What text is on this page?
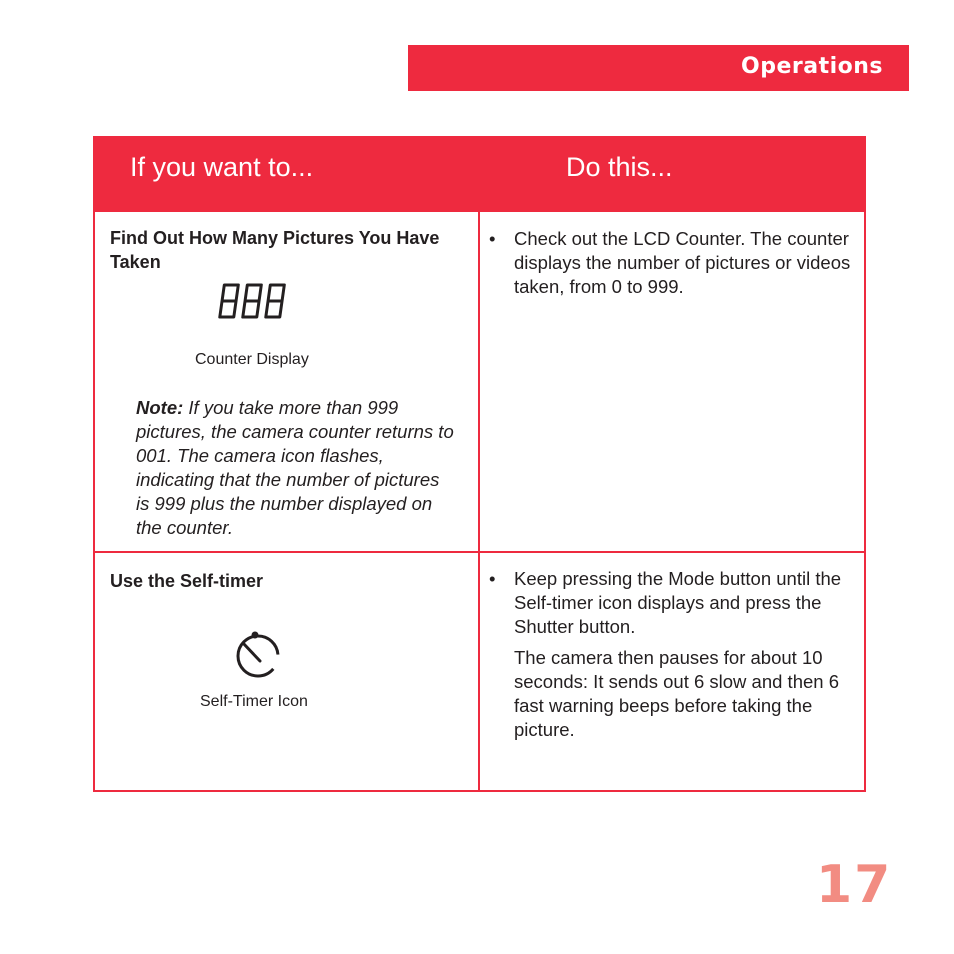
Operations
If you want to...	Do this...
Find Out How Many Pictures You Have Taken
Counter Display
Note: If you take more than 999 pictures, the camera counter returns to 001. The camera icon flashes, indicating that the number of pictures is 999 plus the number displayed on the counter.
• Check out the LCD Counter. The counter displays the number of pictures or videos taken, from 0 to 999.
Use the Self-timer
Self-Timer Icon
• Keep pressing the Mode button until the Self-timer icon displays and press the Shutter button.
The camera then pauses for about 10 seconds: It sends out 6 slow and then 6 fast warning beeps before taking the picture.
17
